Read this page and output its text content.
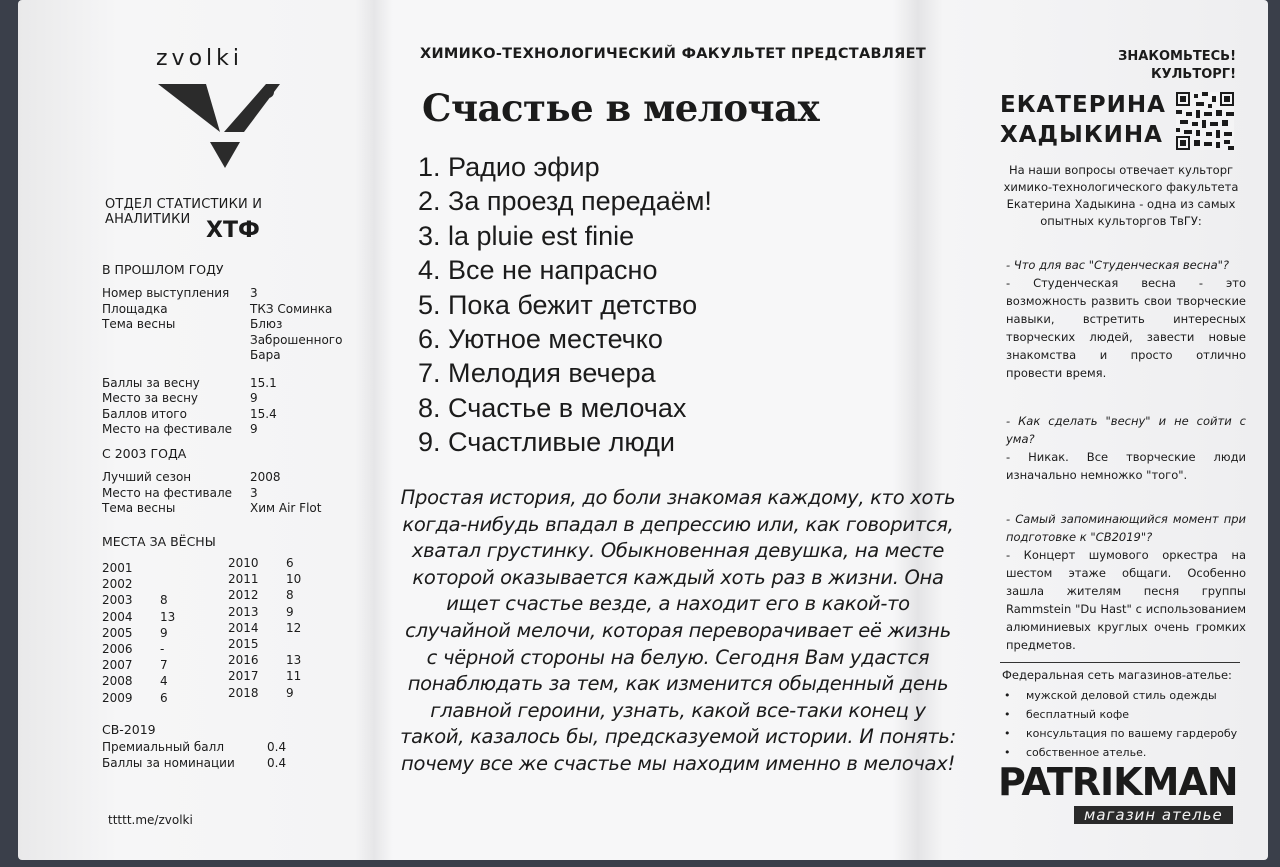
zvolki
ОТДЕЛ СТАТИСТИКИ И АНАЛИТИКИ ХТФ
В ПРОШЛОМ ГОДУ
Номер выступления	3
Площадка	ТКЗ Соминка
Тема весны	Блюз Заброшенного Бара
Баллы за весну	15.1
Место за весну	9
Баллов итого	15.4
Место на фестивале	9
С 2003 ГОДА
Лучший сезон	2008
Место на фестивале	3
Тема весны	Хим Air Flot
МЕСТА ЗА ВЁСНЫ
2001
2002
2003	8
2004	13
2005	9
2006	-
2007	7
2008	4
2009	6
2010	6
2011	10
2012	8
2013	9
2014	12
2015
2016	13
2017	11
2018	9
СВ-2019
Премиальный балл	0.4
Баллы за номинации	0.4
ttttt.me/zvolki
ХИМИКО-ТЕХНОЛОГИЧЕСКИЙ ФАКУЛЬТЕТ ПРЕДСТАВЛЯЕТ
Счастье в мелочах
1. Радио эфир
2. За проезд передаём!
3. la pluie est finie
4. Все не напрасно
5. Пока бежит детство
6. Уютное местечко
7. Мелодия вечера
8. Счастье в мелочах
9. Счастливые люди

Простая история, до боли знакомая каждому, кто хоть когда-нибудь впадал в депрессию или, как говорится, хватал грустинку. Обыкновенная девушка, на месте которой оказывается каждый хоть раз в жизни. Она ищет счастье везде, а находит его в какой-то случайной мелочи, которая переворачивает её жизнь с чёрной стороны на белую. Сегодня Вам удастся понаблюдать за тем, как изменится обыденный день главной героини, узнать, какой все-таки конец у такой, казалось бы, предсказуемой истории. И понять: почему все же счастье мы находим именно в мелочах!

ЗНАКОМЬТЕСЬ!
КУЛЬТОРГ!
ЕКАТЕРИНА
ХАДЫКИНА

На наши вопросы отвечает культорг химико-технологического факультета Екатерина Хадыкина - одна из самых опытных культоргов ТвГУ:

- Что для вас "Студенческая весна"?
- Студенческая весна - это возможность развить свои творческие навыки, встретить интересных творческих людей, завести новые знакомства и просто отлично провести время.
- Как сделать "весну" и не сойти с ума?
- Никак. Все творческие люди изначально немножко "того".
- Самый запоминающийся момент при подготовке к "СВ2019"?
- Концерт шумового оркестра на шестом этаже общаги. Особенно зашла жителям песня группы Rammstein "Du Hast" с использованием алюминиевых круглых очень громких предметов.
Федеральная сеть магазинов-ателье:
• мужской деловой стиль одежды
• бесплатный кофе
• консультация по вашему гардеробу
• собственное ателье.
PATRIKMAN
магазин ателье
